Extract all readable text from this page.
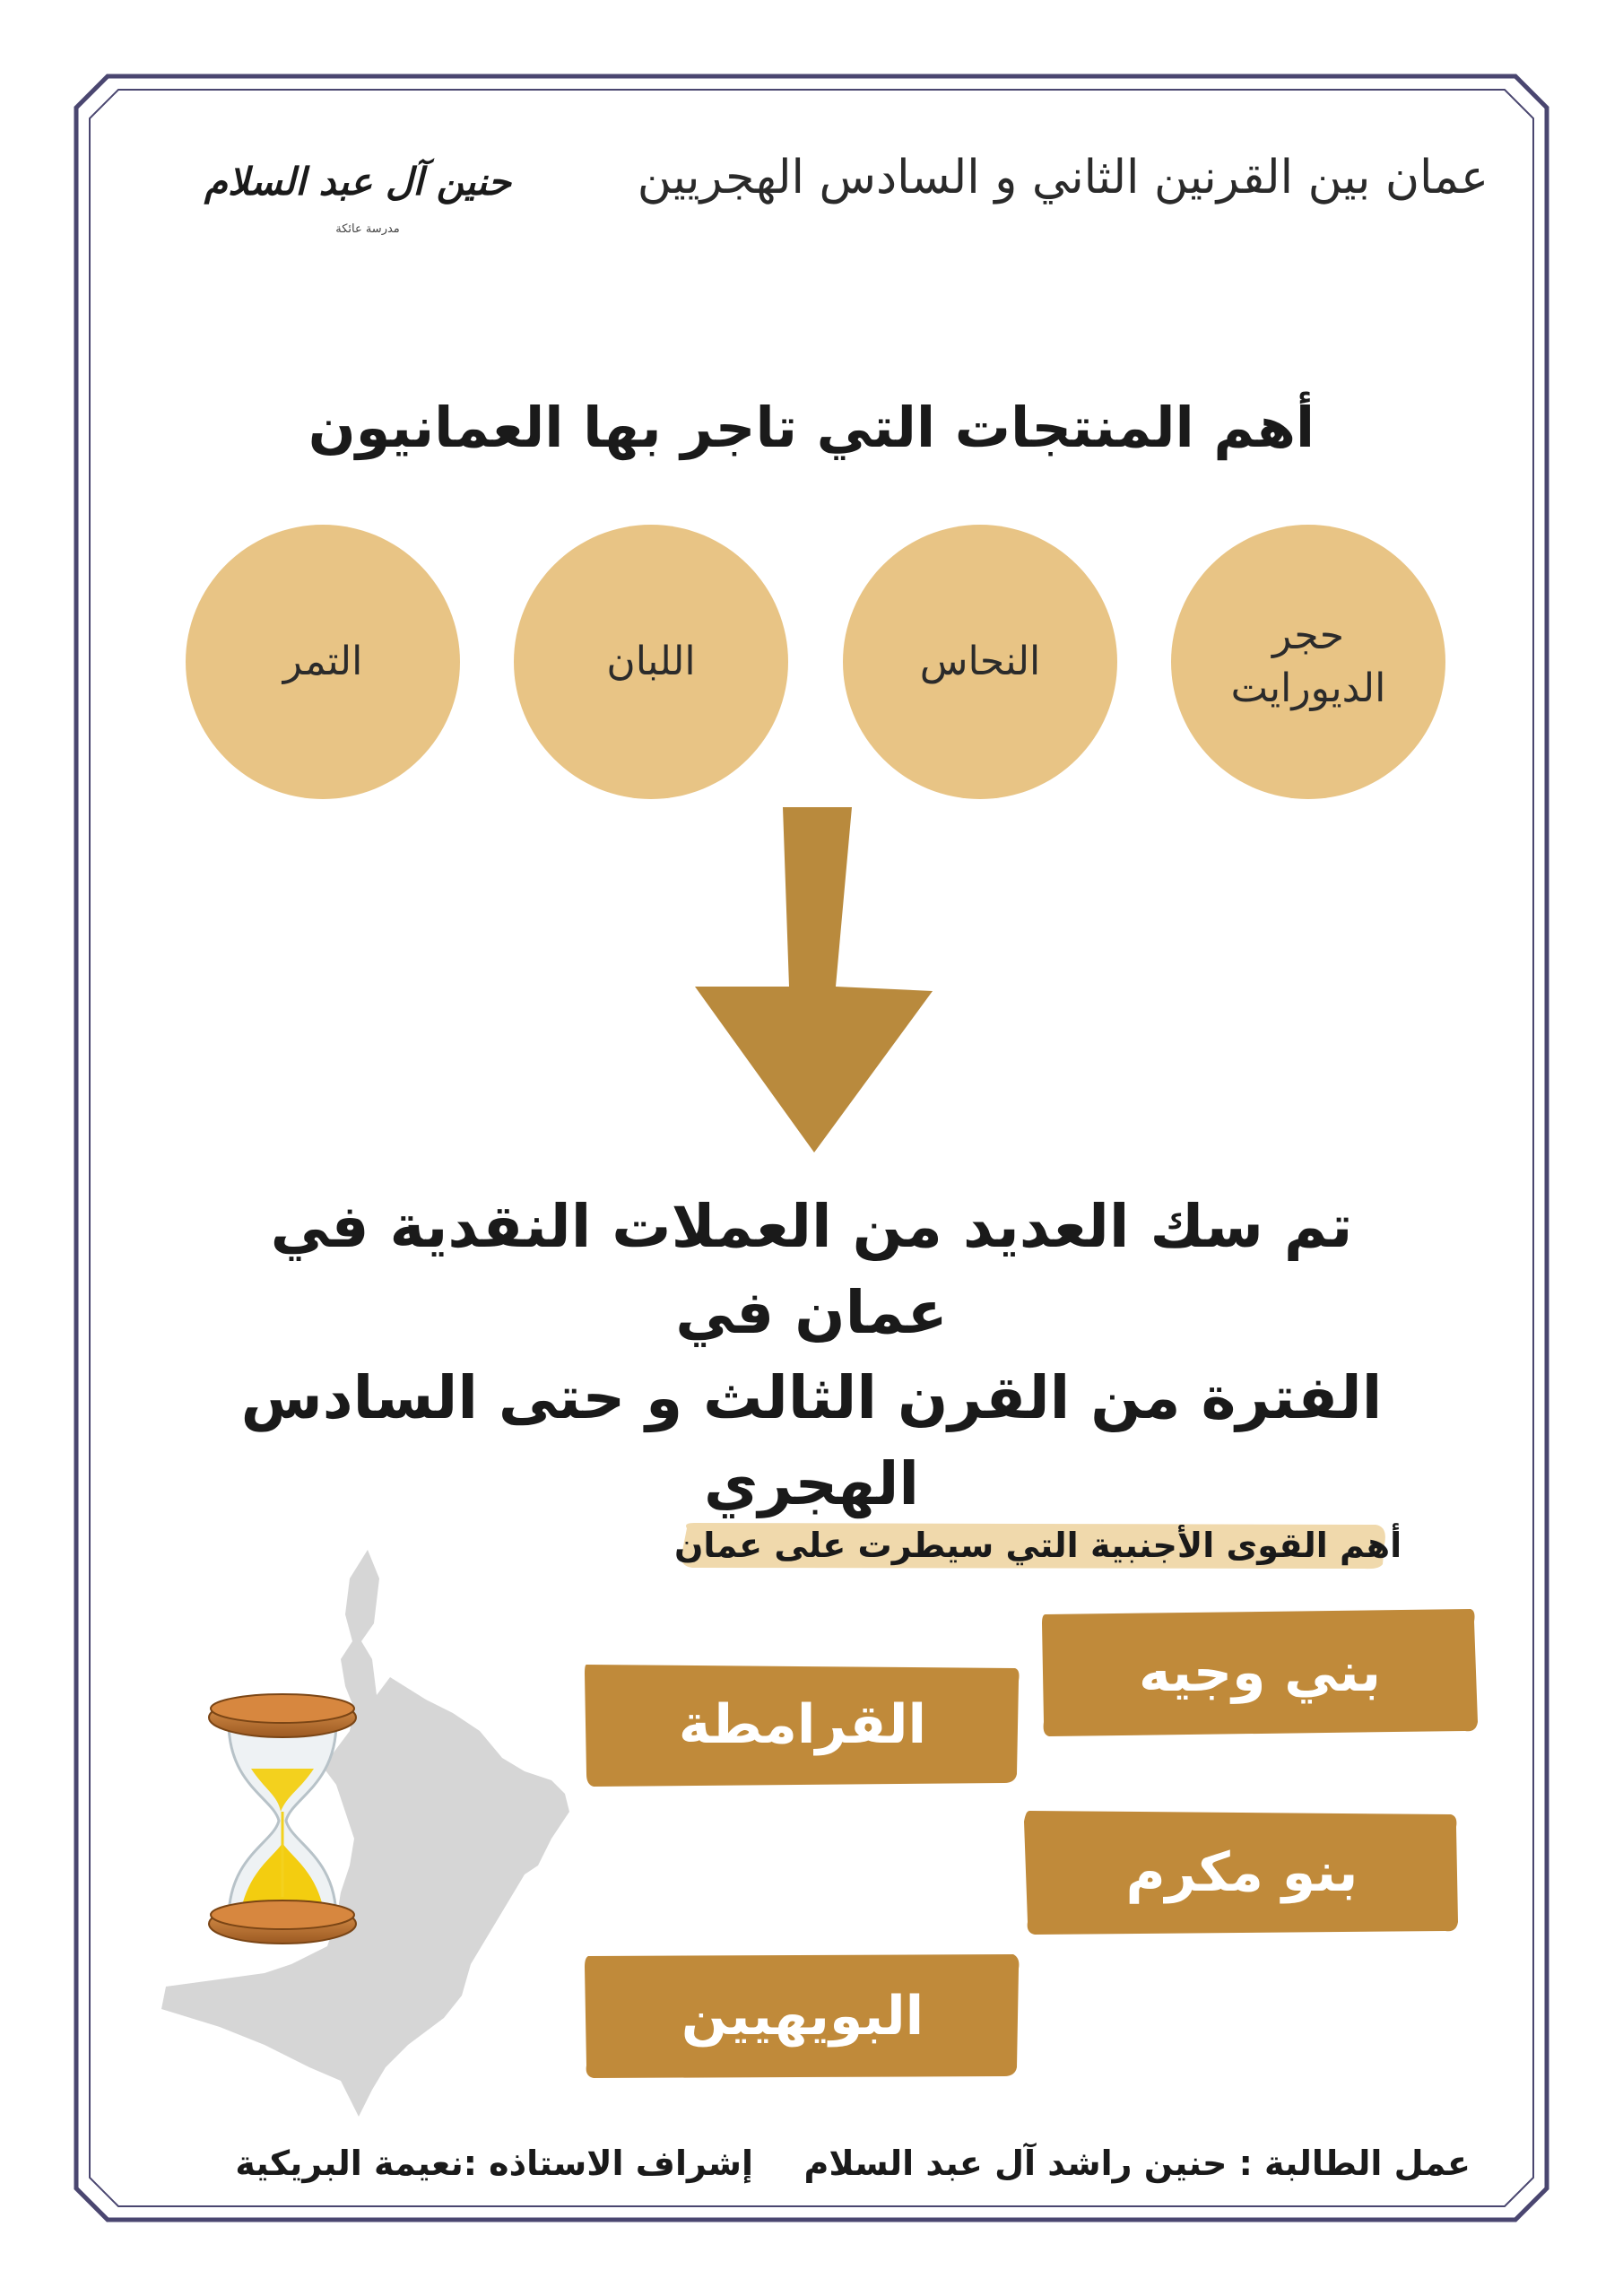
عمان بين القرنين الثاني و السادس الهجريين
حنين آل عبد السلام
مدرسة عائكة
أهم المنتجات التي تاجر بها العمانيون
حجر الديورايت
النحاس
اللبان
التمر
تم سك العديد من العملات النقدية في عمان في
الفترة من القرن الثالث و حتى السادس الهجري
أهم القوى الأجنبية التي سيطرت على عمان
بني وجيه
القرامطة
بنو مكرم
البويهيين
عمل الطالبة : حنين راشد آل عبد السلام
إشراف الاستاذه :نعيمة البريكية
